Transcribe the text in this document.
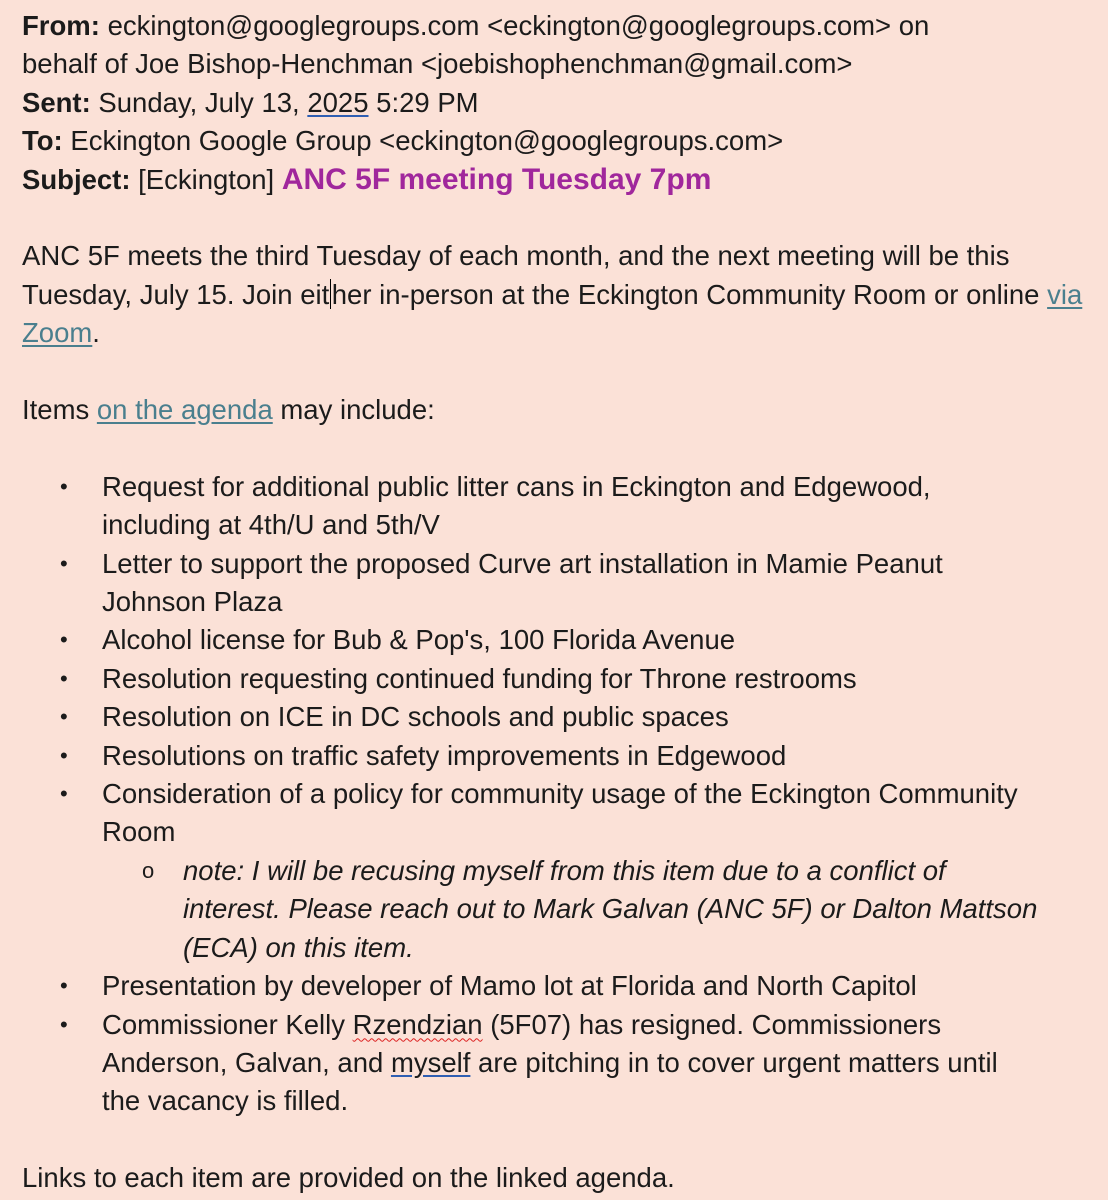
From: eckington@googlegroups.com <eckington@googlegroups.com> on

behalf of Joe Bishop-Henchman <joebishophenchman@gmail.com>

Sent: Sunday, July 13, 2025 5:29 PM

To: Eckington Google Group <eckington@googlegroups.com>

Subject: [Eckington] ANC 5F meeting Tuesday 7pm

ANC 5F meets the third Tuesday of each month, and the next meeting will be this Tuesday, July 15. Join either in-person at the Eckington Community Room or online via Zoom.

Items on the agenda may include:

• Request for additional public litter cans in Eckington and Edgewood, including at 4th/U and 5th/V
• Letter to support the proposed Curve art installation in Mamie Peanut Johnson Plaza
• Alcohol license for Bub & Pop's, 100 Florida Avenue
• Resolution requesting continued funding for Throne restrooms
• Resolution on ICE in DC schools and public spaces
• Resolutions on traffic safety improvements in Edgewood
• Consideration of a policy for community usage of the Eckington Community Room
o note: I will be recusing myself from this item due to a conflict of interest. Please reach out to Mark Galvan (ANC 5F) or Dalton Mattson (ECA) on this item.
• Presentation by developer of Mamo lot at Florida and North Capitol
• Commissioner Kelly Rzendzian (5F07) has resigned. Commissioners Anderson, Galvan, and myself are pitching in to cover urgent matters until the vacancy is filled.

Links to each item are provided on the linked agenda.
